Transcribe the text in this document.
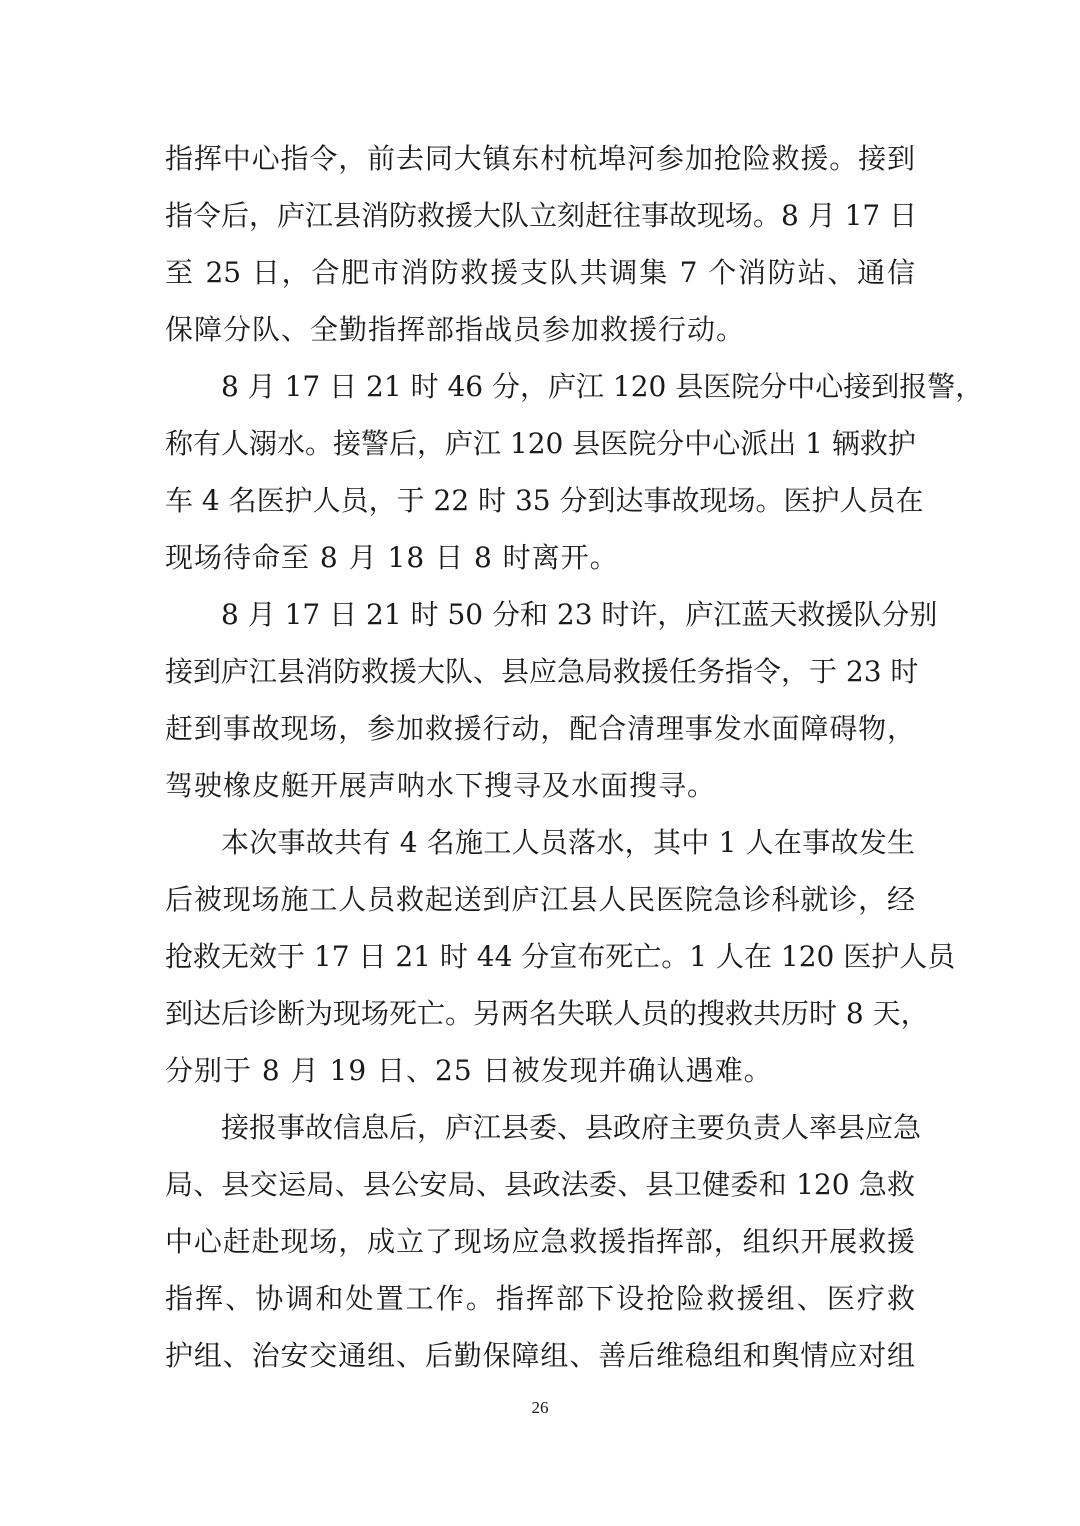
指挥中心指令，前去同大镇东村杭埠河参加抢险救援。接到
指令后，庐江县消防救援大队立刻赶往事故现场。8 月 17 日
至 25 日，合肥市消防救援支队共调集 7 个消防站、通信
保障分队、全勤指挥部指战员参加救援行动。
8 月 17 日 21 时 46 分，庐江 120 县医院分中心接到报警，
称有人溺水。接警后，庐江 120 县医院分中心派出 1 辆救护
车 4 名医护人员，于 22 时 35 分到达事故现场。医护人员在
现场待命至 8 月 18 日 8 时离开。
8 月 17 日 21 时 50 分和 23 时许，庐江蓝天救援队分别
接到庐江县消防救援大队、县应急局救援任务指令，于 23 时
赶到事故现场，参加救援行动，配合清理事发水面障碍物，
驾驶橡皮艇开展声呐水下搜寻及水面搜寻。
本次事故共有 4 名施工人员落水，其中 1 人在事故发生
后被现场施工人员救起送到庐江县人民医院急诊科就诊，经
抢救无效于 17 日 21 时 44 分宣布死亡。1 人在 120 医护人员
到达后诊断为现场死亡。另两名失联人员的搜救共历时 8 天，
分别于 8 月 19 日、25 日被发现并确认遇难。
接报事故信息后，庐江县委、县政府主要负责人率县应急
局、县交运局、县公安局、县政法委、县卫健委和 120 急救
中心赶赴现场，成立了现场应急救援指挥部，组织开展救援
指挥、协调和处置工作。指挥部下设抢险救援组、医疗救
护组、治安交通组、后勤保障组、善后维稳组和舆情应对组
26
